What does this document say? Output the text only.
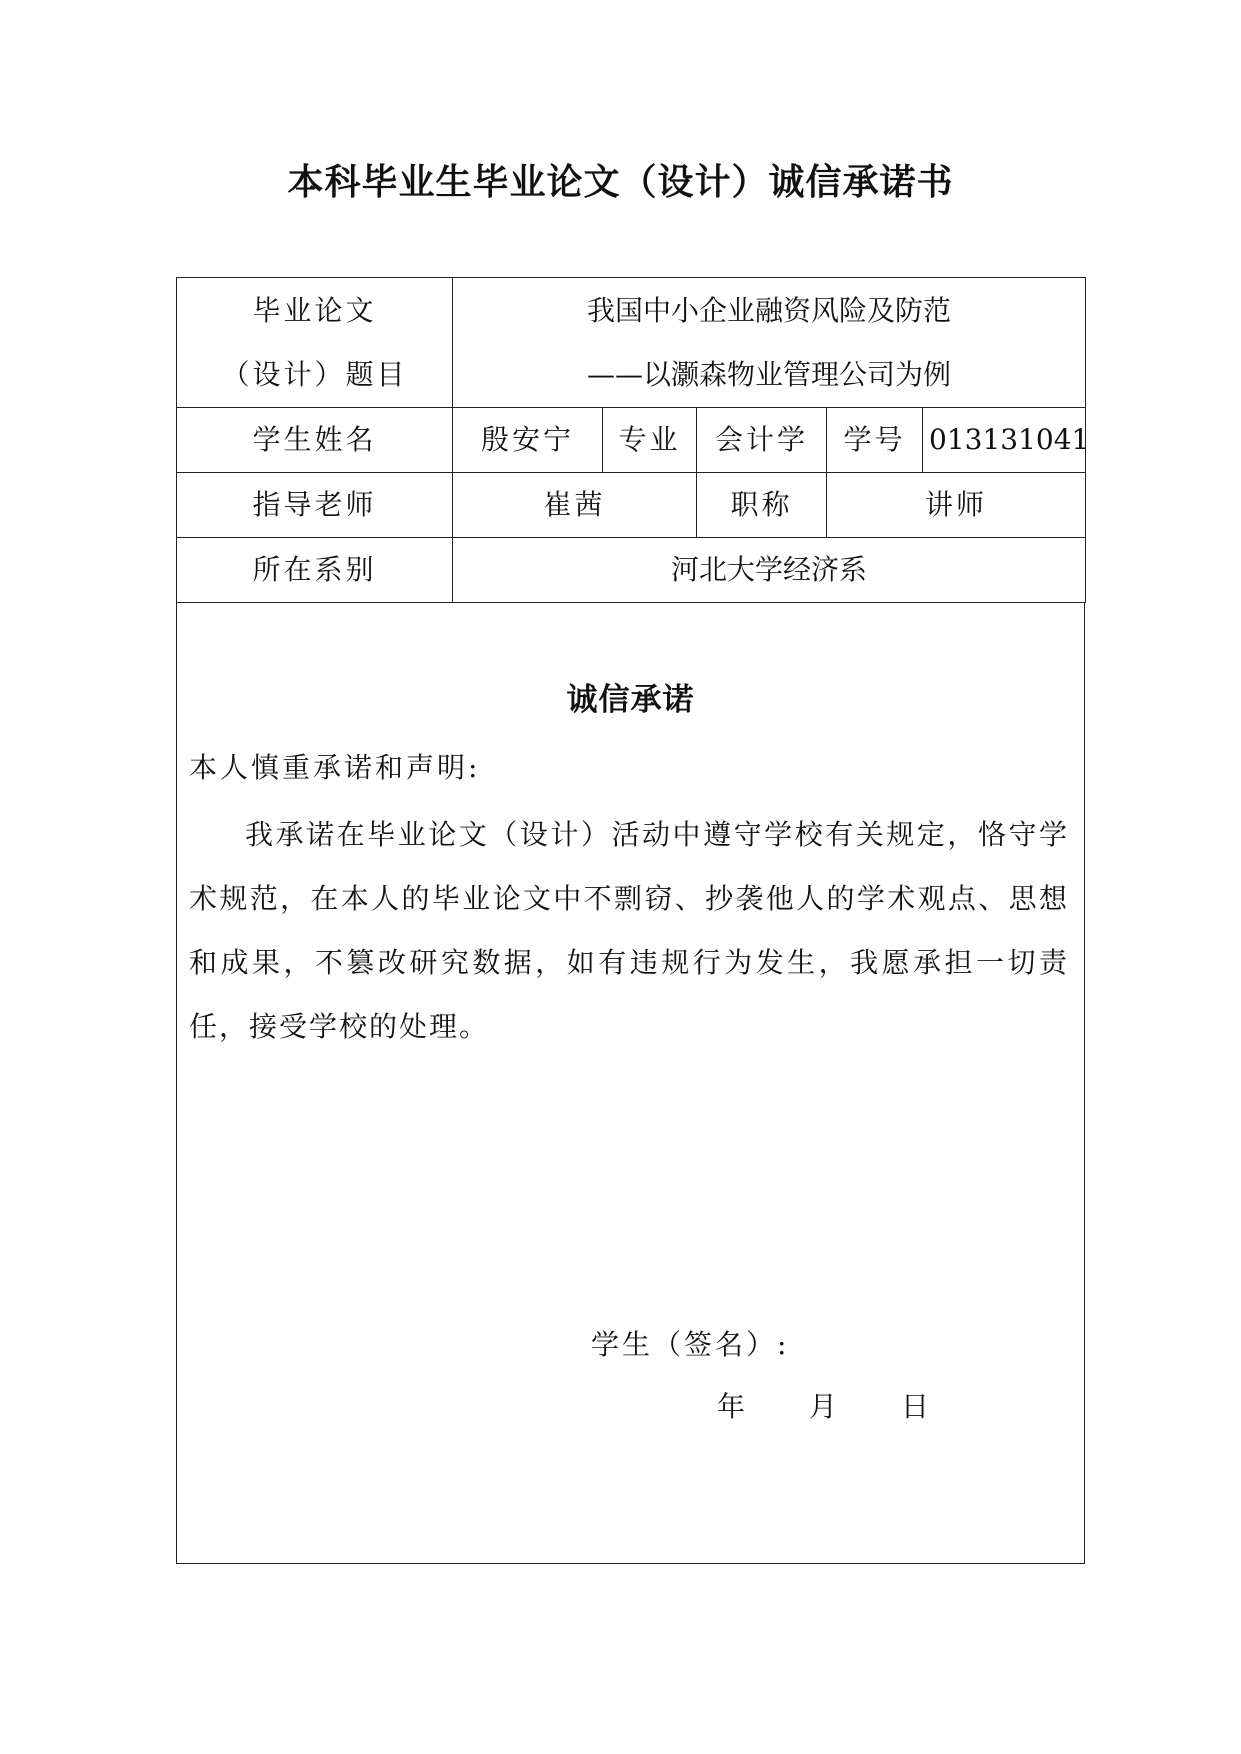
本科毕业生毕业论文（设计）诚信承诺书
毕业论文
（设计）题目	我国中小企业融资风险及防范
——以灏森物业管理公司为例				

学生姓名	殷安宁	专业	会计学	学号	013131041
指导老师	崔茜		职称	讲师	
所在系别	河北大学经济系				
诚信承诺
本人慎重承诺和声明:
我承诺在毕业论文（设计）活动中遵守学校有关规定，恪守学术规范，在本人的毕业论文中不剽窃、抄袭他人的学术观点、思想和成果，不篡改研究数据，如有违规行为发生，我愿承担一切责任，接受学校的处理。
学生（签名）:
年 月 日
